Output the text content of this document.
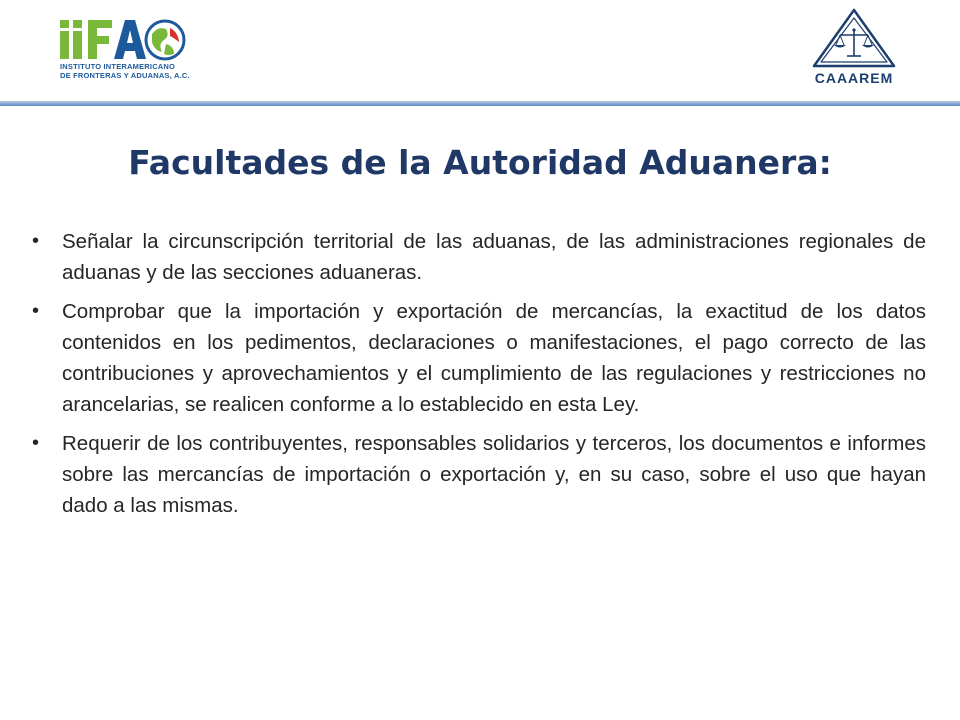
INSTITUTO INTERAMERICANO
DE FRONTERAS Y ADUANAS, A.C.	CAAAREM
Facultades de la Autoridad Aduanera:
• Señalar la circunscripción territorial de las aduanas, de las administraciones regionales de aduanas y de las secciones aduaneras.
• Comprobar que la importación y exportación de mercancías, la exactitud de los datos contenidos en los pedimentos, declaraciones o manifestaciones, el pago correcto de las contribuciones y aprovechamientos y el cumplimiento de las regulaciones y restricciones no arancelarias, se realicen conforme a lo establecido en esta Ley.
• Requerir de los contribuyentes, responsables solidarios y terceros, los documentos e informes sobre las mercancías de importación o exportación y, en su caso, sobre el uso que hayan dado a las mismas.
